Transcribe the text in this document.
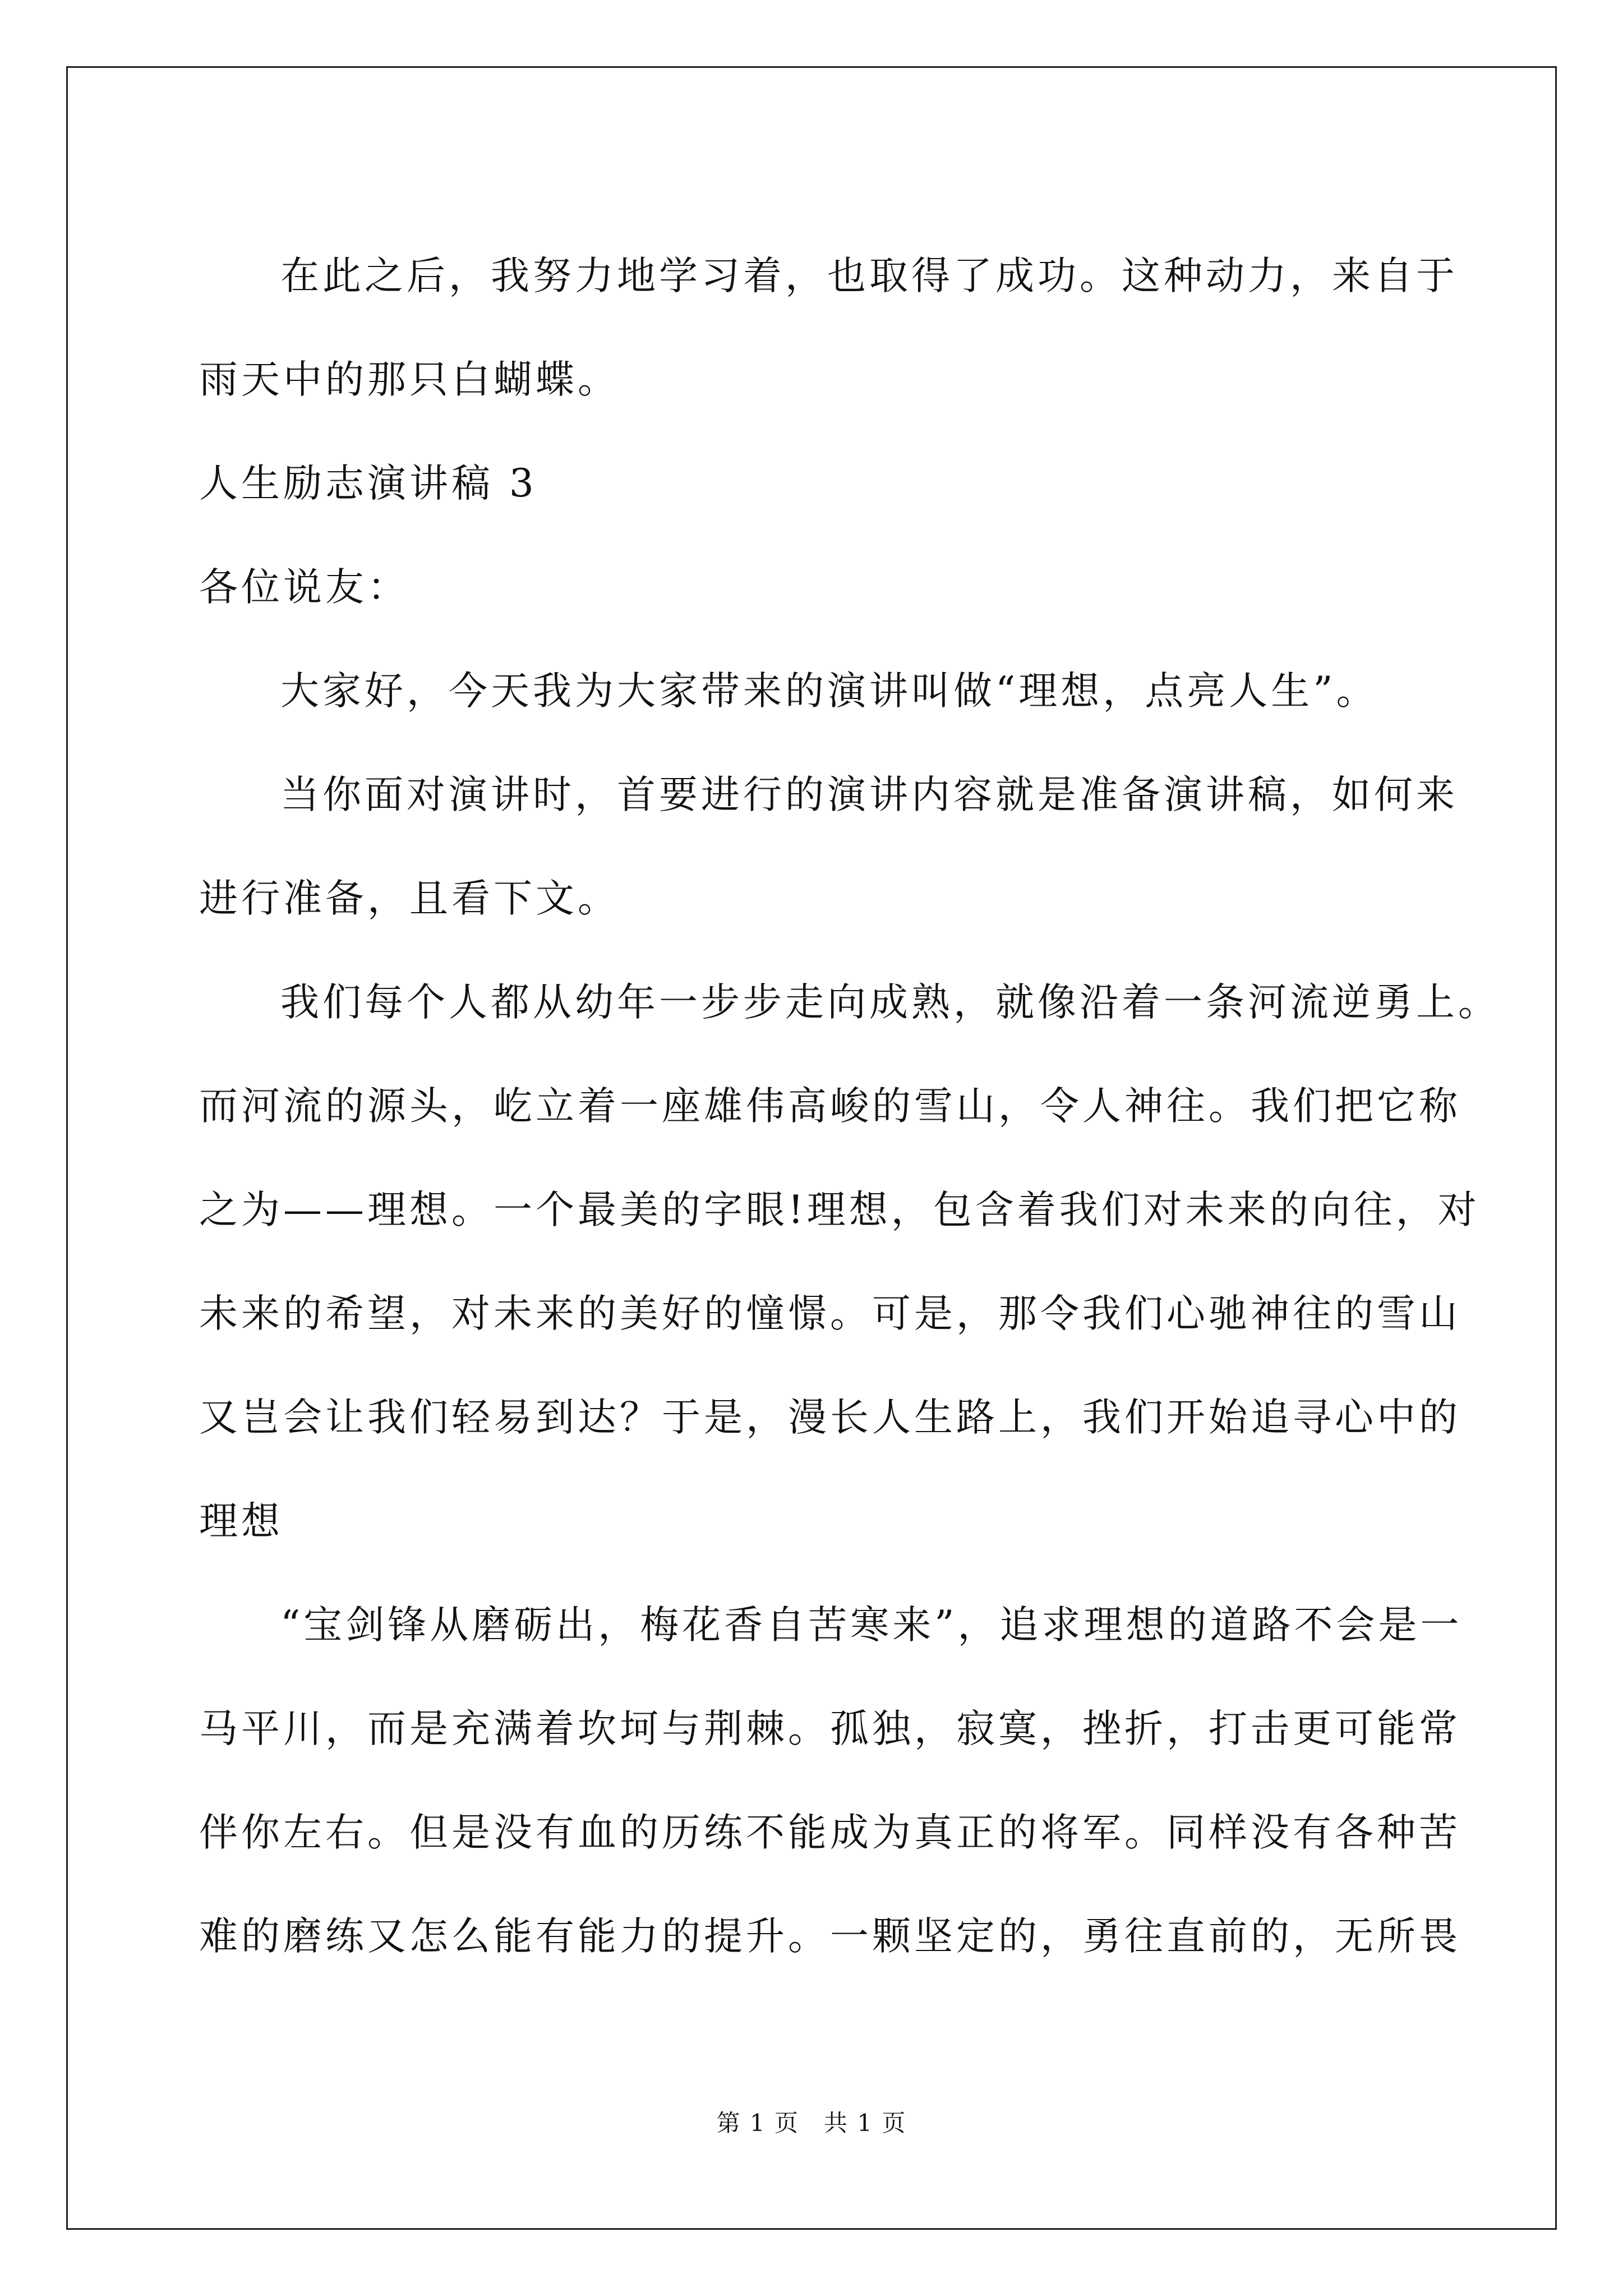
在此之后，我努力地学习着，也取得了成功。这种动力，来自于
雨天中的那只白蝴蝶。
人生励志演讲稿 3
各位说友：
大家好，今天我为大家带来的演讲叫做“理想，点亮人生”。
当你面对演讲时，首要进行的演讲内容就是准备演讲稿，如何来
进行准备，且看下文。
我们每个人都从幼年一步步走向成熟，就像沿着一条河流逆勇上。
而河流的源头，屹立着一座雄伟高峻的雪山，令人神往。我们把它称
之为——理想。一个最美的字眼!理想，包含着我们对未来的向往，对
未来的希望，对未来的美好的憧憬。可是，那令我们心驰神往的雪山
又岂会让我们轻易到达？于是，漫长人生路上，我们开始追寻心中的
理想
“宝剑锋从磨砺出，梅花香自苦寒来”，追求理想的道路不会是一
马平川，而是充满着坎坷与荆棘。孤独，寂寞，挫折，打击更可能常
伴你左右。但是没有血的历练不能成为真正的将军。同样没有各种苦
难的磨练又怎么能有能力的提升。一颗坚定的，勇往直前的，无所畏
第 1 页　共 1 页
